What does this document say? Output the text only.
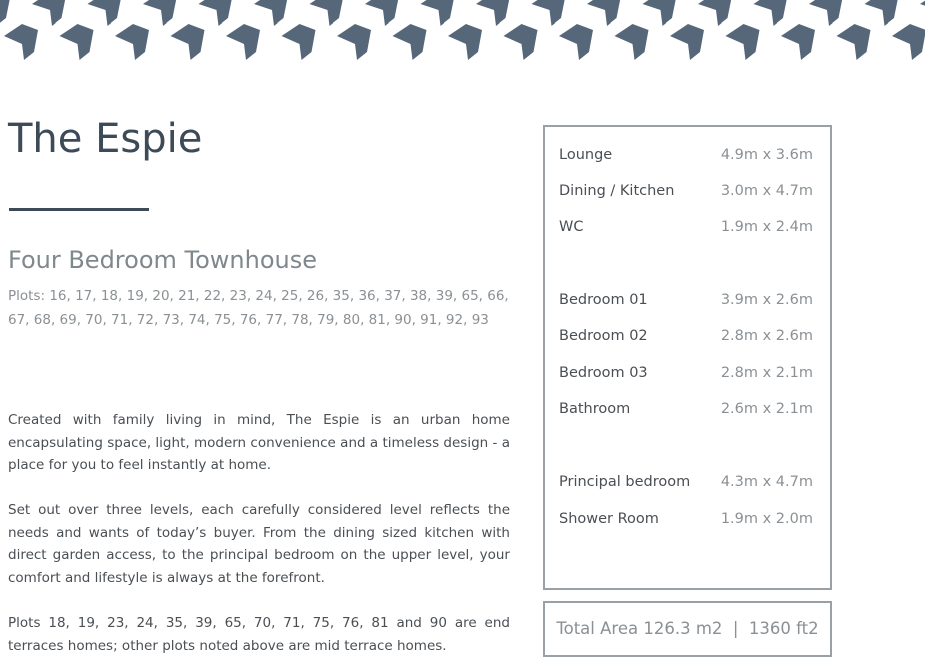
The Espie
Four Bedroom Townhouse
Plots: 16, 17, 18, 19, 20, 21, 22, 23, 24, 25, 26, 35, 36, 37, 38, 39, 65, 66, 67, 68, 69, 70, 71, 72, 73, 74, 75, 76, 77, 78, 79, 80, 81, 90, 91, 92, 93
Created with family living in mind, The Espie is an urban home encapsulating space, light, modern convenience and a timeless design - a place for you to feel instantly at home.
Set out over three levels, each carefully considered level reflects the needs and wants of today’s buyer. From the dining sized kitchen with direct garden access, to the principal bedroom on the upper level, your comfort and lifestyle is always at the forefront.
Plots 18, 19, 23, 24, 35, 39, 65, 70, 71, 75, 76, 81 and 90 are end terraces homes; other plots noted above are mid terrace homes.
Lounge	4.9m x 3.6m
Dining / Kitchen	3.0m x 4.7m
WC	1.9m x 2.4m
Bedroom 01	3.9m x 2.6m
Bedroom 02	2.8m x 2.6m
Bedroom 03	2.8m x 2.1m
Bathroom	2.6m x 2.1m
Principal bedroom 4.3m x 4.7m
Shower Room	1.9m x 2.0m
Total Area 126.3 m2  |  1360 ft2
